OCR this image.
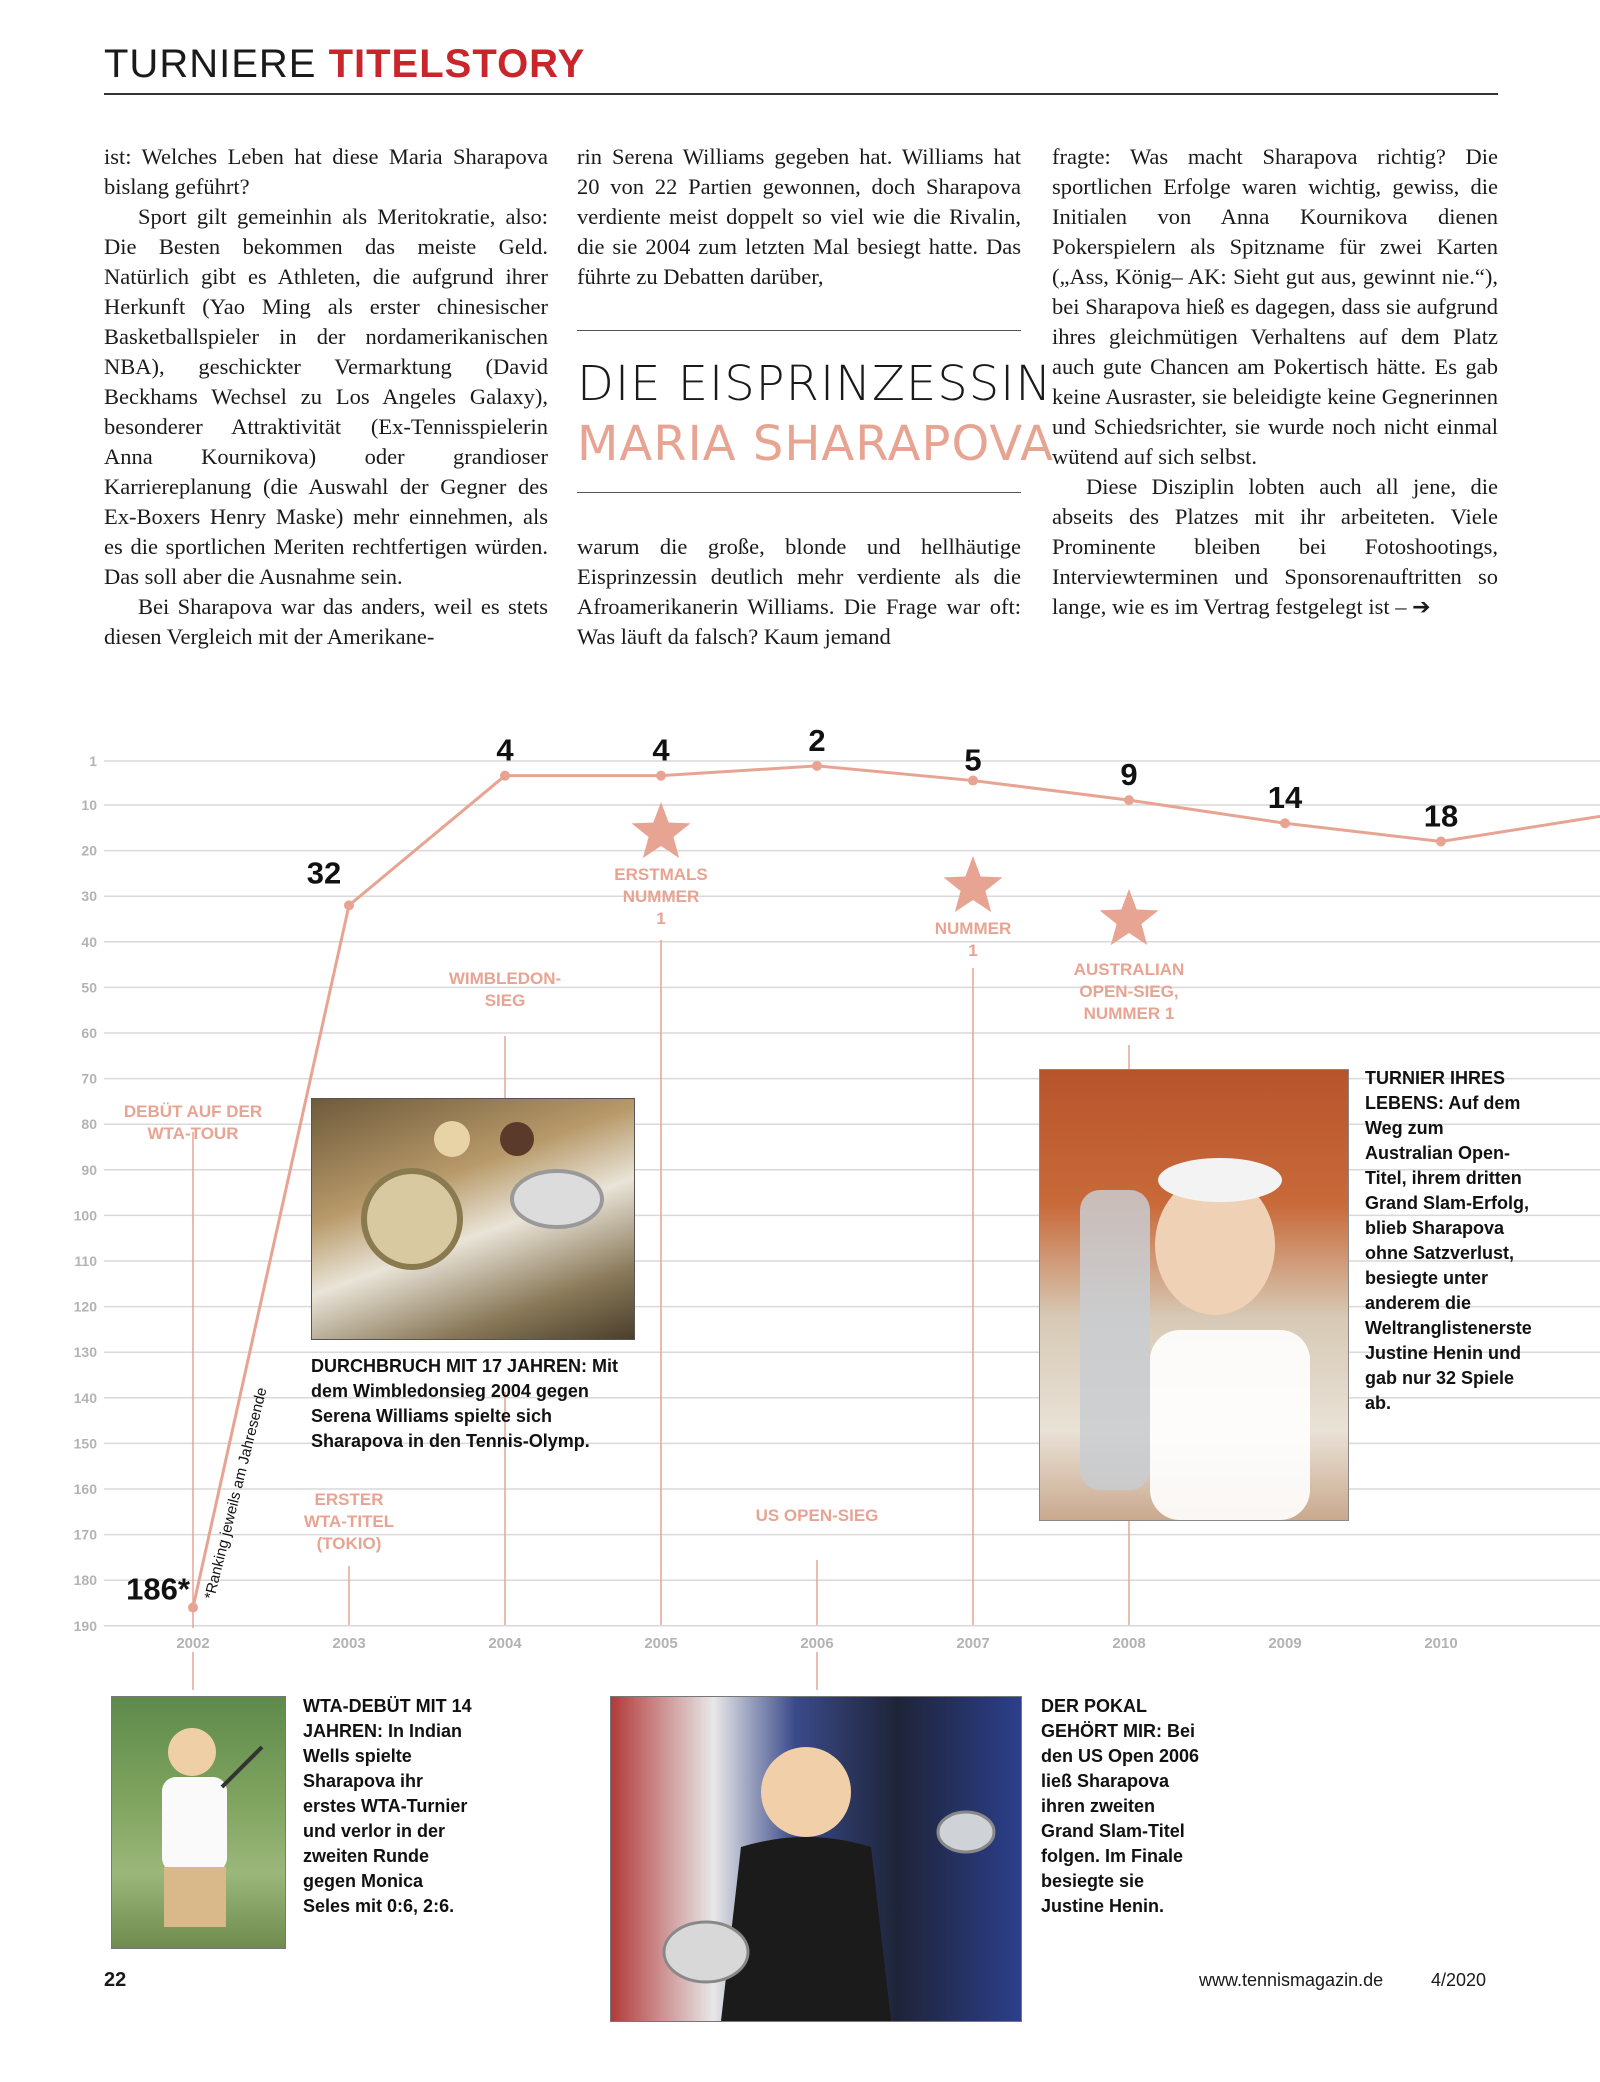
TURNIERE TITELSTORY

ist: Welches Leben hat diese Maria Sharapova bislang geführt?

Sport gilt gemeinhin als Meritokratie, also: Die Besten bekommen das meiste Geld. Natürlich gibt es Athleten, die aufgrund ihrer Herkunft (Yao Ming als erster chinesischer Basketballspieler in der nordamerikanischen NBA), geschickter Vermarktung (David Beckhams Wechsel zu Los Angeles Galaxy), besonderer Attraktivität (Ex-Tennisspielerin Anna Kournikova) oder grandioser Karriereplanung (die Auswahl der Gegner des Ex-Boxers Henry Maske) mehr einnehmen, als es die sportlichen Meriten rechtfertigen würden. Das soll aber die Ausnahme sein.

Bei Sharapova war das anders, weil es stets diesen Vergleich mit der Amerikane-

rin Serena Williams gegeben hat. Williams hat 20 von 22 Partien gewonnen, doch Sharapova verdiente meist doppelt so viel wie die Rivalin, die sie 2004 zum letzten Mal besiegt hatte. Das führte zu Debatten darüber,

DIE EISPRINZESSIN
MARIA SHARAPOVA

warum die große, blonde und hellhäutige Eisprinzessin deutlich mehr verdiente als die Afroamerikanerin Williams. Die Frage war oft: Was läuft da falsch? Kaum jemand

fragte: Was macht Sharapova richtig? Die sportlichen Erfolge waren wichtig, gewiss, die Initialen von Anna Kournikova dienen Pokerspielern als Spitzname für zwei Karten („Ass, König– AK: Sieht gut aus, gewinnt nie.“), bei Sharapova hieß es dagegen, dass sie aufgrund ihres gleichmütigen Verhaltens auf dem Platz auch gute Chancen am Pokertisch hätte. Es gab keine Ausraster, sie beleidigte keine Gegnerinnen und Schiedsrichter, sie wurde noch nicht einmal wütend auf sich selbst.

Diese Disziplin lobten auch all jene, die abseits des Platzes mit ihr arbeiteten. Viele Prominente bleiben bei Fotoshootings, Interviewterminen und Sponsorenauftritten so lange, wie es im Vertrag festgelegt ist – ➔

1
10
20
30
40
50
60
70
80
90
100
110
120
130
140
150
160
170
180
190
2002	2003	2004	2005	2006	2007	2008	2009	2010
186*
32
4	4	2
5	9
14
18
*Ranking jeweils am Jahresende
ERSTMALS
NUMMER
1
NUMMER
1
AUSTRALIAN
OPEN-SIEG,
NUMMER 1
WIMBLEDON-
SIEG
DEBÜT AUF DER
WTA-TOUR
ERSTER
WTA-TITEL
(TOKIO)
US OPEN-SIEG
DURCHBRUCH MIT 17 JAHREN: Mit dem Wimbledonsieg 2004 gegen Serena Williams spielte sich Sharapova in den Tennis-Olymp.
TURNIER IHRES LEBENS: Auf dem Weg zum Australian Open-Titel, ihrem dritten Grand Slam-Erfolg, blieb Sharapova ohne Satzverlust, besiegte unter anderem die Weltranglistenerste Justine Henin und gab nur 32 Spiele ab.
WTA-DEBÜT MIT 14 JAHREN: In Indian Wells spielte Sharapova ihr erstes WTA-Turnier und verlor in der zweiten Runde gegen Monica Seles mit 0:6, 2:6.
DER POKAL GEHÖRT MIR: Bei den US Open 2006 ließ Sharapova ihren zweiten Grand Slam-Titel folgen. Im Finale besiegte sie Justine Henin.
22	www.tennismagazin.de	4/2020
